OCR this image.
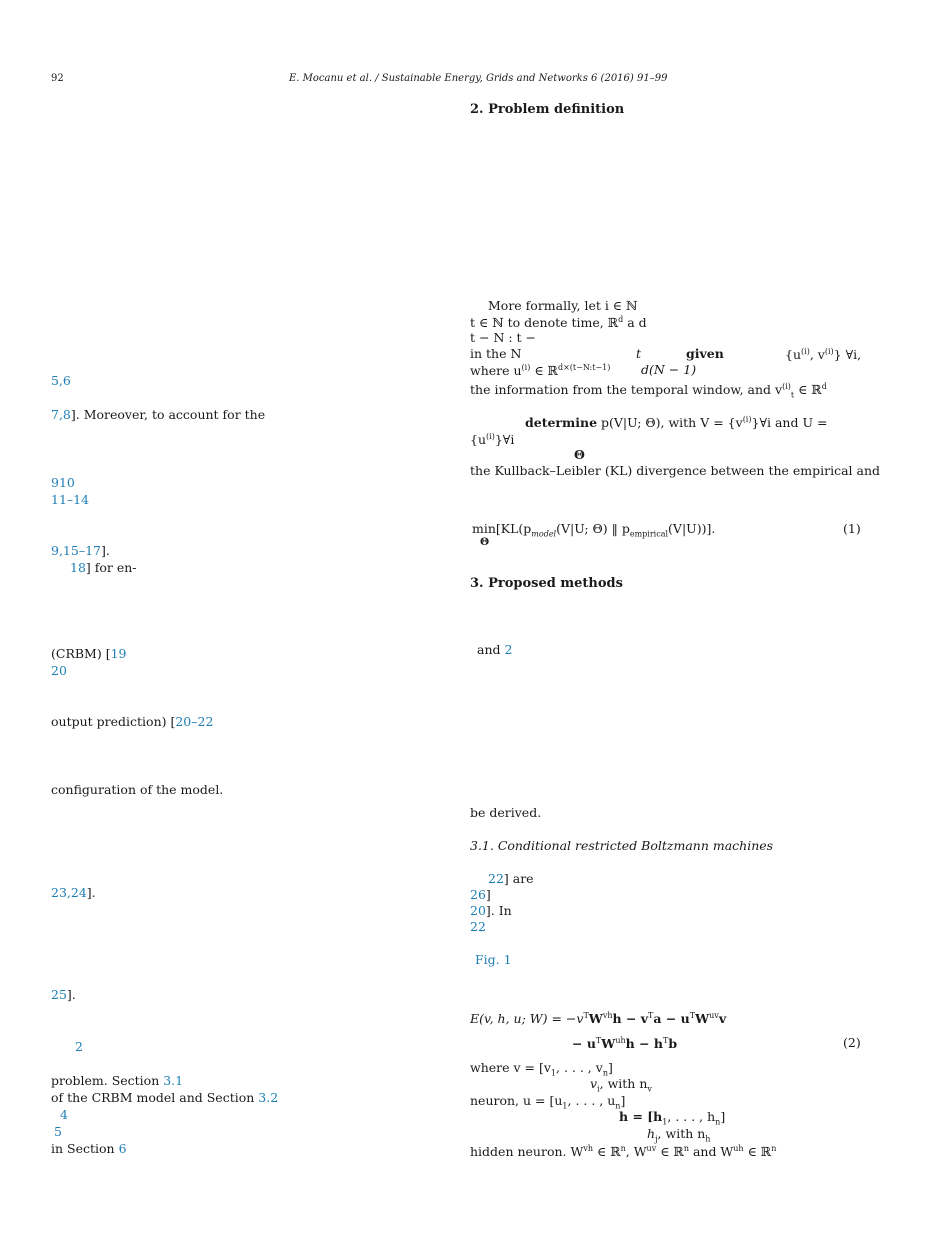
92	E. Mocanu et al. / Sustainable Energy, Grids and Networks 6 (2016) 91–99
5,6
7,8]. Moreover, to account for the
910
11–14
9,15–17].
18] for en-
(CRBM) [19
20
output prediction) [20–22
configuration of the model.
23,24].
25].
2
problem. Section 3.1
of the CRBM model and Section 3.2
4
5
in Section 6
2. Problem definition
More formally, let i ∈ ℕ
t ∈ ℕ to denote time, ℝ$^d$ a d
t − N : t −
in the N	t	given	{$u^{(i)}$, $v^{(i)}$} ∀i,
where $u^{(i)}$ ∈ ℝ$^{d\times(t-N:t-1)}$ d(N − 1)
the information from the temporal window, and $v^{(i)}_t$ ∈ ℝ$^d$
determine p(V|U; Θ), with $V = \{v^{(i)}\}\forall i$ and U =
$\{u^{(i)}\}\forall i$
Θ
the Kullback–Leibler (KL) divergence between the empirical and
$\min[KL(p_{model}(V|U$; Θ) ‖ $p_{empirical}(V|U)$)].
Θ
(1)
3. Proposed methods
and 2
be derived.
3.1. Conditional restricted Boltzmann machines
22] are
26]
20]. In
22
Fig. 1
E(v, h, u; $W) = -v^TW^{vh}h - v^Ta - u^TW^{uv}v$
− $u^TW^{uh}h - h^Tb$	(2)
where $v = [v_1$, . . . , $v_n$]
$v_i$, with $n_v$
neuron, $u = [u_1$, . . . , $u_n$]
$h = [h_1$, . . . , $h_n$]
$h_j$, with $n_h$
hidden neuron. $W^{vh}$ ∈ ℝ$^n$, $W^{uv}$ ∈ ℝ$^n$ and $W^{uh}$ ∈ ℝ$^n$
